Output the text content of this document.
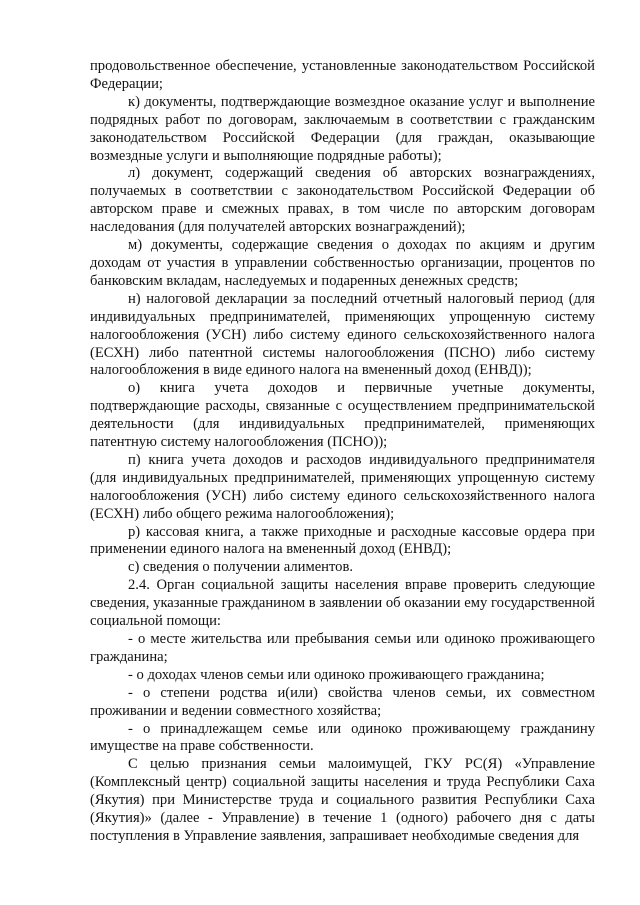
продовольственное обеспечение, установленные законодательством Российской Федерации;

к) документы, подтверждающие возмездное оказание услуг и выполнение подрядных работ по договорам, заключаемым в соответствии с гражданским законодательством Российской Федерации (для граждан, оказывающие возмездные услуги и выполняющие подрядные работы);

л) документ, содержащий сведения об авторских вознаграждениях, получаемых в соответствии с законодательством Российской Федерации об авторском праве и смежных правах, в том числе по авторским договорам наследования (для получателей авторских вознаграждений);

м) документы, содержащие сведения о доходах по акциям и другим доходам от участия в управлении собственностью организации, процентов по банковским вкладам, наследуемых и подаренных денежных средств;

н) налоговой декларации за последний отчетный налоговый период (для индивидуальных предпринимателей, применяющих упрощенную систему налогообложения (УСН) либо систему единого сельскохозяйственного налога (ЕСХН) либо патентной системы налогообложения (ПСНО) либо систему налогообложения в виде единого налога на вмененный доход (ЕНВД));

о) книга учета доходов и первичные учетные документы, подтверждающие расходы, связанные с осуществлением предпринимательской деятельности (для индивидуальных предпринимателей, применяющих патентную систему налогообложения (ПСНО));

п) книга учета доходов и расходов индивидуального предпринимателя (для индивидуальных предпринимателей, применяющих упрощенную систему налогообложения (УСН) либо систему единого сельскохозяйственного налога (ЕСХН) либо общего режима налогообложения);

р) кассовая книга, а также приходные и расходные кассовые ордера при применении единого налога на вмененный доход (ЕНВД);

с) сведения о получении алиментов.

2.4. Орган социальной защиты населения вправе проверить следующие сведения, указанные гражданином в заявлении об оказании ему государственной социальной помощи:

- о месте жительства или пребывания семьи или одиноко проживающего гражданина;

- о доходах членов семьи или одиноко проживающего гражданина;

- о степени родства и(или) свойства членов семьи, их совместном проживании и ведении совместного хозяйства;

- о принадлежащем семье или одиноко проживающему гражданину имуществе на праве собственности.

С целью признания семьи малоимущей, ГКУ РС(Я) «Управление (Комплексный центр) социальной защиты населения и труда Республики Саха (Якутия) при Министерстве труда и социального развития Республики Саха (Якутия)» (далее - Управление) в течение 1 (одного) рабочего дня с даты поступления в Управление заявления, запрашивает необходимые сведения для
